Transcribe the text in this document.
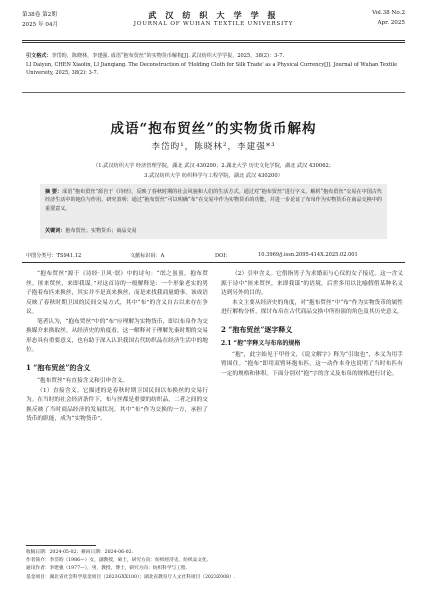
第38卷 第2期
2025 年 04月
武 汉 纺 织 大 学 学 报
JOURNAL OF WUHAN TEXTILE UNIVERSITY
Vol.38 No.2
Apr. 2025
引文格式：李岱昀，陈晓林，李建强. 成语“抱布贸丝”的实物货币解构[J]. 武汉纺织大学学报，2025，38(2)：3-7.
LI Daiyun, CHEN Xiaolin, LI Jianqiang. The Deconstruction of 'Holding Cloth for Silk Trade' as a Physical Currency[J]. Journal of Wuhan Textile University, 2025, 38(2): 3-7.
成语“抱布贸丝”的实物货币解构
李岱昀¹，陈晓林²，李建强*³
（1.武汉纺织大学 经济管理学院，湖北 武汉 430200；2.湖北大学 历史文化学院，湖北 武汉 430062；
3.武汉纺织大学 纺织科学与工程学院，湖北 武汉 430200）
摘 要：成语“抱布贸丝”源自于《诗经》，反映了春秋时期的社会风貌和人们的生活方式。通过对“抱布贸丝”进行字义、解析“抱布贸丝”交易在中国古代经济生活中的地位与作用。研究表明：通过“抱布贸丝”可以明确“布”在交易中作为实物货币的功能，并进一步论证了布帛作为实物货币在商品交换中的重要意义。
关键词：抱布贸丝；实物货币；商品交易
中图分类号：TS941.12	文献标识码：A	DOI：	10.3969/j.issn.2095-414X.2025.02.001

“抱布贸丝”源于《诗经·卫风·氓》中的诗句：“氓之蚩蚩，抱布贸丝。匪来贸丝，来即我谋。”对这首诗的一般解释是：一个形象老实的男子抱着布匹来换丝，其实并不是真来换丝，而是来找我商量婚事。该成语反映了春秋时期卫国的民间交易方式，其中“布”的含义自古以来存在争议。

笔者认为，“抱布贸丝”中的“布”应理解为实物货币，即以布帛作为交换媒介来换取丝。从经济史的角度看，这一解释对于理解先秦时期的交易形态具有重要意义，也有助于深入认识我国古代纺织品在经济生活中的地位。

1 “抱布贸丝”的含义

“抱布贸丝”有直接含义和引申含义。

（1）直接含义。它描述的是春秋时期卫国民间以布换丝的交易行为。在当时的社会经济条件下，布与丝都是重要的纺织品，二者之间的交换反映了当时商品经济的发展状况。其中“布”作为交换的一方，承担了货币的职能，成为“实物货币”。

（2）引申含义。它借指男子为求婚而与心仪的女子接近。这一含义源于诗中“匪来贸丝，来即我谋”的语境，后世多用以比喻假借某种名义达到另外的目的。

本文主要从经济史的角度，对“抱布贸丝”中“布”作为实物货币的属性进行解构分析，探讨布帛在古代商品交换中所扮演的角色及其历史意义。

2 “抱布贸丝”逐字释义

2.1 “抱”字释义与布帛的规格

“抱”，此字始见于甲骨文，《说文解字》释为“引取也”，本义为用手臂围住。“抱布”即用双臂环抱布匹，这一动作本身也说明了当时布匹有一定的规格和体积。下面分别对“抱”字的含义及布帛的规格进行讨论。

收稿日期：2024-05-02；修回日期：2024-06-02.
作者简介：李岱昀（1986—）女，副教授，硕士，研究方向：纺织经济史、纺织品文化.
通讯作者：李建强（1977—），男，教授，博士，研究方向：纺织科学与工程.
基金项目：湖北省社会科学基金项目（2023GXX100）；湖北省教育厅人文社科项目（2023Z008）.
